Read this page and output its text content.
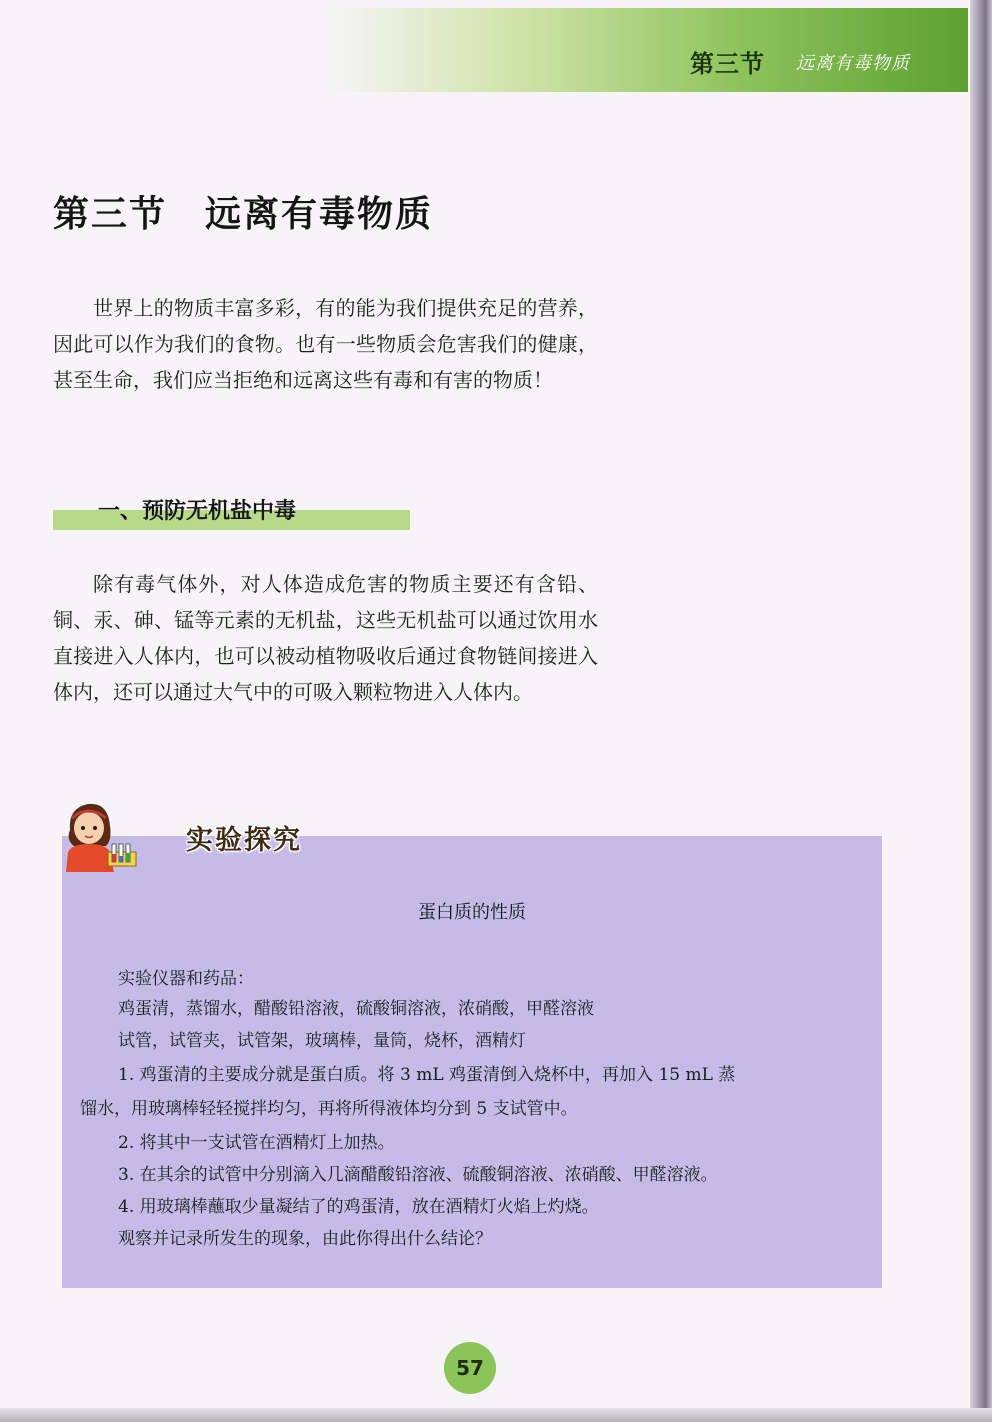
第三节 远离有毒物质
第三节　远离有毒物质
世界上的物质丰富多彩，有的能为我们提供充足的营养，因此可以作为我们的食物。也有一些物质会危害我们的健康，甚至生命，我们应当拒绝和远离这些有毒和有害的物质！
一、预防无机盐中毒
除有毒气体外，对人体造成危害的物质主要还有含铅、铜、汞、砷、锰等元素的无机盐，这些无机盐可以通过饮用水直接进入人体内，也可以被动植物吸收后通过食物链间接进入体内，还可以通过大气中的可吸入颗粒物进入人体内。
实验探究
蛋白质的性质
实验仪器和药品：
鸡蛋清，蒸馏水，醋酸铅溶液，硫酸铜溶液，浓硝酸，甲醛溶液
试管，试管夹，试管架，玻璃棒，量筒，烧杯，酒精灯
1. 鸡蛋清的主要成分就是蛋白质。将 3 mL 鸡蛋清倒入烧杯中，再加入 15 mL 蒸
馏水，用玻璃棒轻轻搅拌均匀，再将所得液体均分到 5 支试管中。
2. 将其中一支试管在酒精灯上加热。
3. 在其余的试管中分别滴入几滴醋酸铅溶液、硫酸铜溶液、浓硝酸、甲醛溶液。
4. 用玻璃棒蘸取少量凝结了的鸡蛋清，放在酒精灯火焰上灼烧。
观察并记录所发生的现象，由此你得出什么结论？
57
